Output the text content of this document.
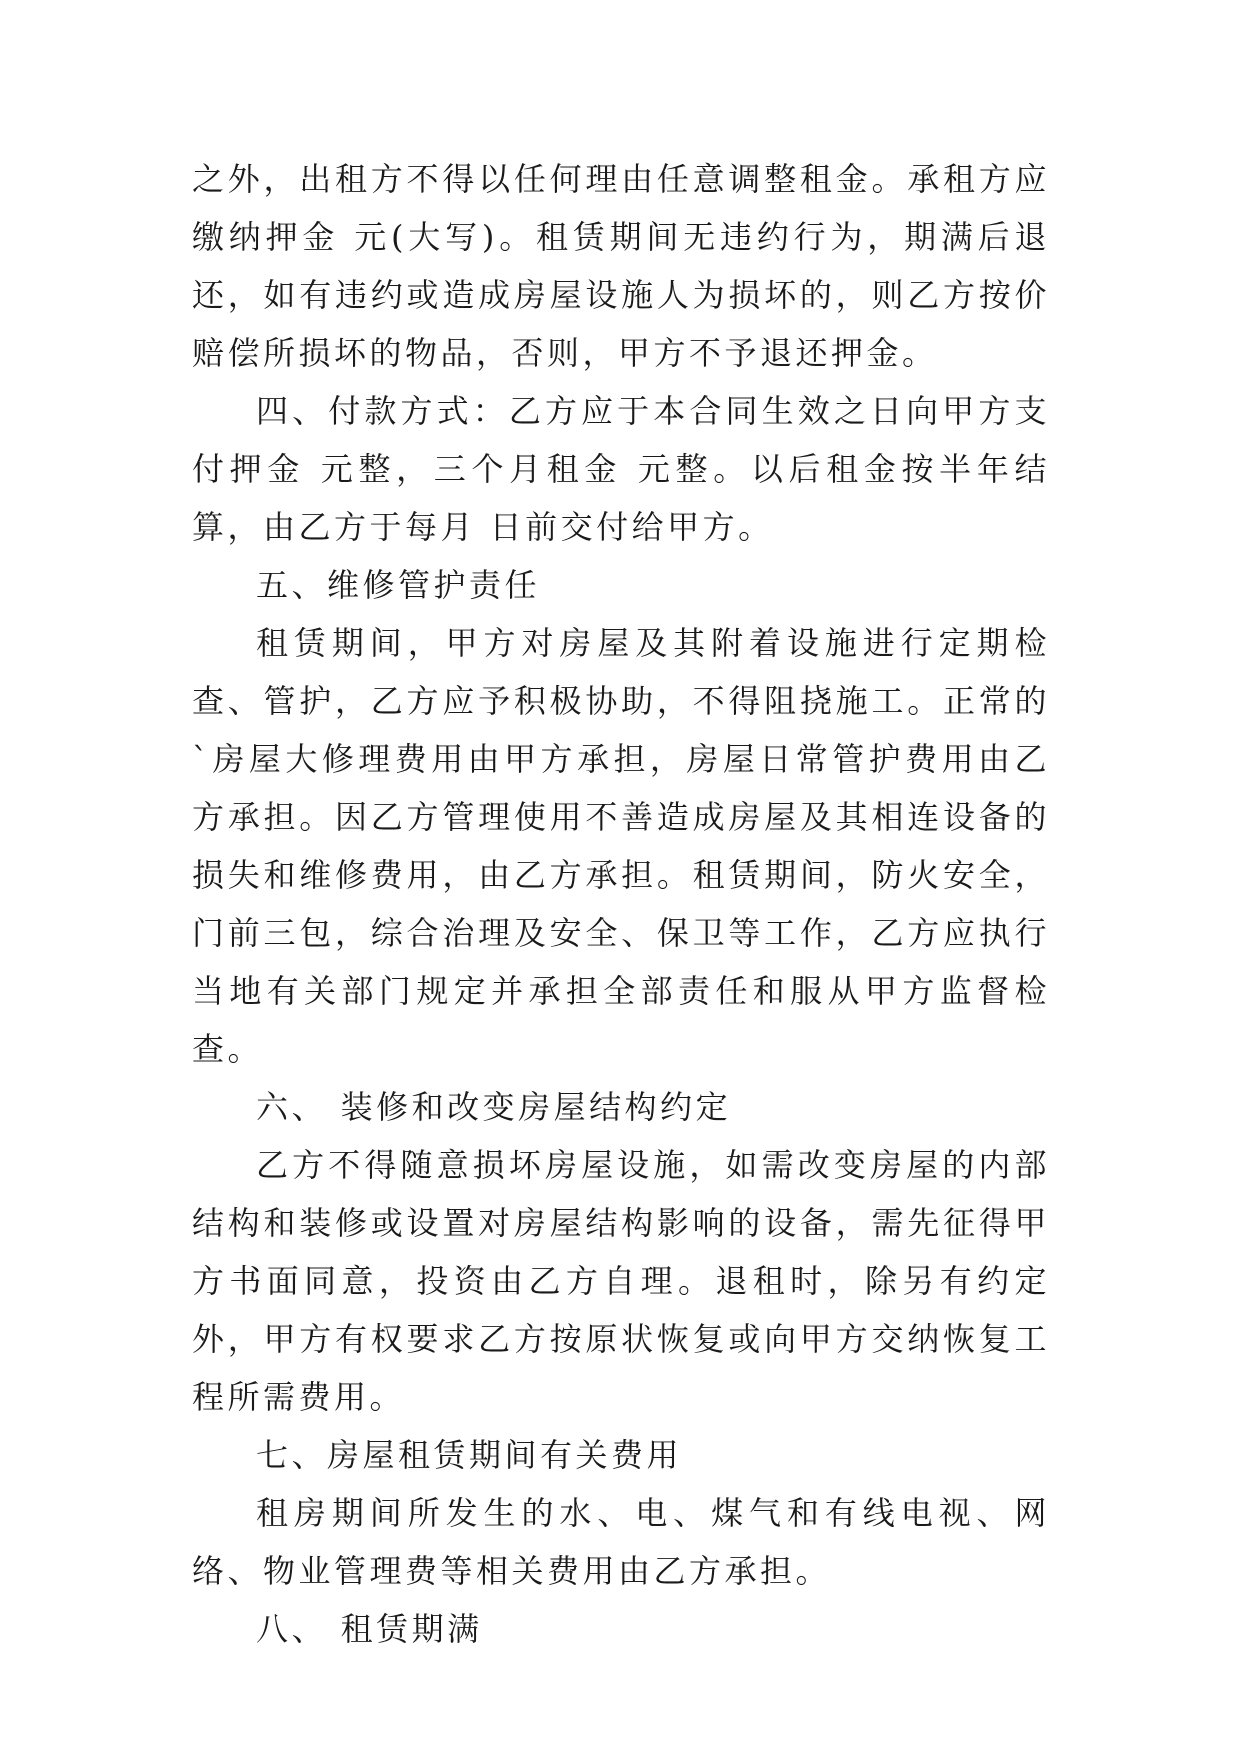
之外，出租方不得以任何理由任意调整租金。承租方应缴纳押金 元(大写)。租赁期间无违约行为，期满后退还，如有违约或造成房屋设施人为损坏的，则乙方按价赔偿所损坏的物品，否则，甲方不予退还押金。

四、付款方式：乙方应于本合同生效之日向甲方支付押金 元整，三个月租金 元整。以后租金按半年结算，由乙方于每月 日前交付给甲方。

五、维修管护责任

租赁期间，甲方对房屋及其附着设施进行定期检查、管护，乙方应予积极协助，不得阻挠施工。正常的`房屋大修理费用由甲方承担，房屋日常管护费用由乙方承担。因乙方管理使用不善造成房屋及其相连设备的损失和维修费用，由乙方承担。租赁期间，防火安全，门前三包，综合治理及安全、保卫等工作，乙方应执行当地有关部门规定并承担全部责任和服从甲方监督检查。

六、 装修和改变房屋结构约定

乙方不得随意损坏房屋设施，如需改变房屋的内部结构和装修或设置对房屋结构影响的设备，需先征得甲方书面同意，投资由乙方自理。退租时，除另有约定外，甲方有权要求乙方按原状恢复或向甲方交纳恢复工程所需费用。

七、房屋租赁期间有关费用

租房期间所发生的水、电、煤气和有线电视、网络、物业管理费等相关费用由乙方承担。

八、 租赁期满
